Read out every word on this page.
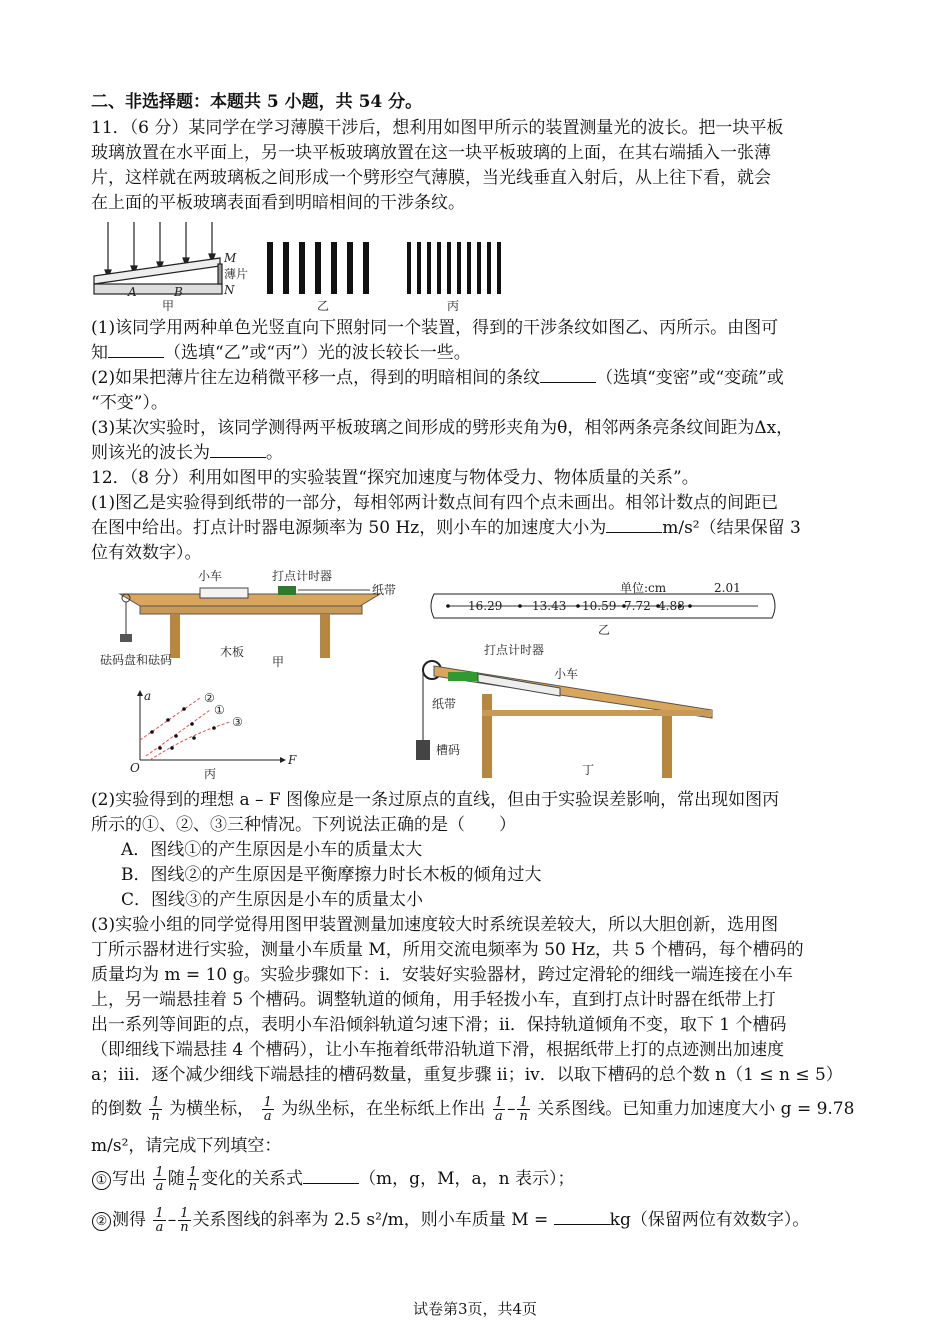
二、非选择题：本题共 5 小题，共 54 分。
11．（6 分）某同学在学习薄膜干涉后，想利用如图甲所示的装置测量光的波长。把一块平板
玻璃放置在水平面上，另一块平板玻璃放置在这一块平板玻璃的上面，在其右端插入一张薄
片，这样就在两玻璃板之间形成一个劈形空气薄膜，当光线垂直入射后，从上往下看，就会
在上面的平板玻璃表面看到明暗相间的干涉条纹。
M
薄片
N
A	B
甲	乙	丙
(1)该同学用两种单色光竖直向下照射同一个装置，得到的干涉条纹如图乙、丙所示。由图可
知	（选填“乙”或“丙”）光的波长较长一些。
(2)如果把薄片往左边稍微平移一点，得到的明暗相间的条纹	（选填“变密”或“变疏”或
“不变”）。
(3)某次实验时，该同学测得两平板玻璃之间形成的劈形夹角为θ，相邻两条亮条纹间距为Δx，
则该光的波长为	。
12．（8 分）利用如图甲的实验装置“探究加速度与物体受力、物体质量的关系”。
(1)图乙是实验得到纸带的一部分，每相邻两计数点间有四个点未画出。相邻计数点的间距已
在图中给出。打点计时器电源频率为 50 Hz，则小车的加速度大小为	m/s²（结果保留 3
位有效数字）。
小车	打点计时器
纸带
木板
砝码盘和砝码	甲
单位:cm
16.29 13.43 10.59 7.72 4.88
2.01
乙
a
F
O
②
①
③
丙
打点计时器
小车
纸带
槽码
丁
(2)实验得到的理想 a – F 图像应是一条过原点的直线，但由于实验误差影响，常出现如图丙
所示的①、②、③三种情况。下列说法正确的是（　　）
A．图线①的产生原因是小车的质量太大
B．图线②的产生原因是平衡摩擦力时长木板的倾角过大
C．图线③的产生原因是小车的质量太小
(3)实验小组的同学觉得用图甲装置测量加速度较大时系统误差较大，所以大胆创新，选用图
丁所示器材进行实验，测量小车质量 M，所用交流电频率为 50 Hz，共 5 个槽码，每个槽码的
质量均为 m = 10 g。实验步骤如下：i．安装好实验器材，跨过定滑轮的细线一端连接在小车
上，另一端悬挂着 5 个槽码。调整轨道的倾角，用手轻拨小车，直到打点计时器在纸带上打
出一系列等间距的点，表明小车沿倾斜轨道匀速下滑；ii．保持轨道倾角不变，取下 1 个槽码
（即细线下端悬挂 4 个槽码），让小车拖着纸带沿轨道下滑，根据纸带上打的点迹测出加速度
a；iii．逐个减少细线下端悬挂的槽码数量，重复步骤 ii；iv．以取下槽码的总个数 n（1 ≤ n ≤ 5）
的倒数 $\frac{1}{n}$ 为横坐标， $\frac{1}{a}$ 为纵坐标，在坐标纸上作出 $\frac{1}{a} - \frac{1}{n}$ 关系图线。已知重力加速度大小 g = 9.78
m/s²，请完成下列填空：
① 写出 $\frac{1}{a}$ 随 $\frac{1}{n}$ 变化的关系式	（m，g，M，a，n 表示）；
② 测得 $\frac{1}{a} - \frac{1}{n}$ 关系图线的斜率为 2.5 s²/m，则小车质量 M =	kg（保留两位有效数字）。
试卷第3页，共4页
